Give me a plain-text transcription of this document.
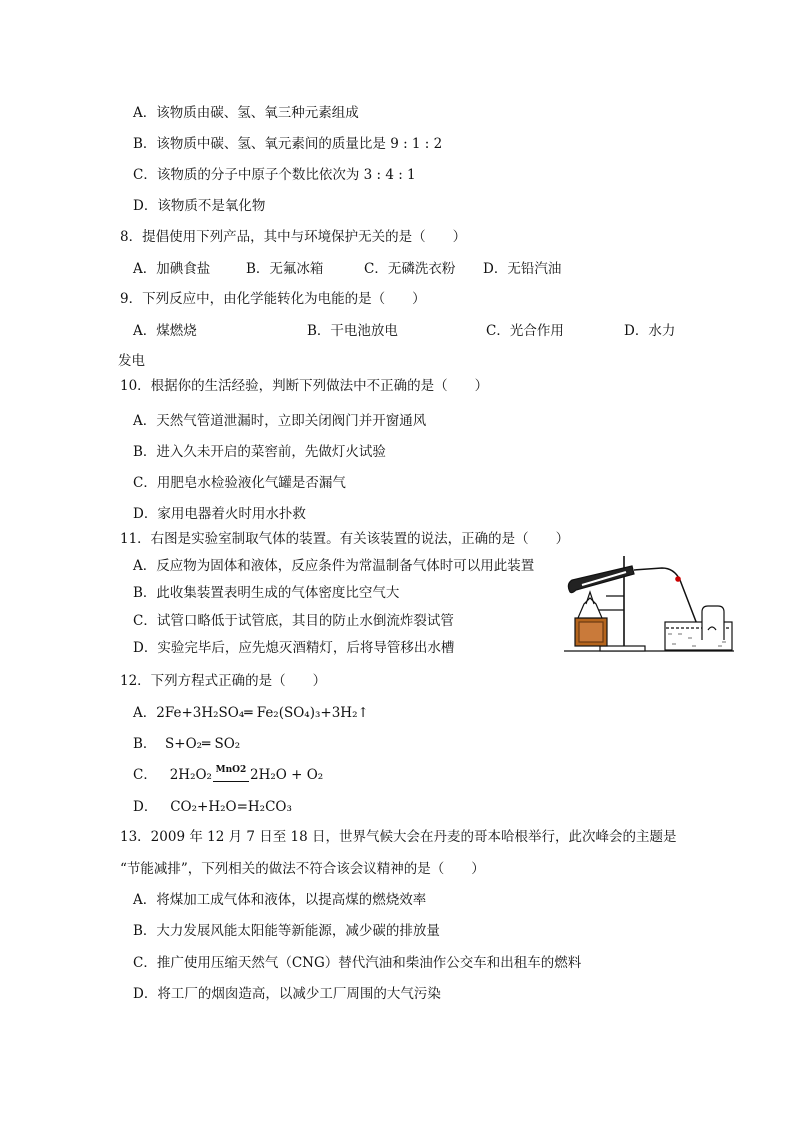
A．该物质由碳、氢、氧三种元素组成
B．该物质中碳、氢、氧元素间的质量比是 9 : 1 : 2
C．该物质的分子中原子个数比依次为 3 : 4 : 1
D．该物质不是氧化物
8．提倡使用下列产品，其中与环境保护无关的是（　　）
A．加碘食盐	B．无氟冰箱	C．无磷洗衣粉 D．无铅汽油
9．下列反应中，由化学能转化为电能的是（　　）
A．煤燃烧	B．干电池放电	C．光合作用	D．水力
发电
10．根据你的生活经验，判断下列做法中不正确的是（　　）
A．天然气管道泄漏时，立即关闭阀门并开窗通风
B．进入久未开启的菜窖前，先做灯火试验
C．用肥皂水检验液化气罐是否漏气
D．家用电器着火时用水扑救
11．右图是实验室制取气体的装置。有关该装置的说法，正确的是（　　）
A．反应物为固体和液体，反应条件为常温制备气体时可以用此装置
B．此收集装置表明生成的气体密度比空气大
C．试管口略低于试管底，其目的防止水倒流炸裂试管
D．实验完毕后，应先熄灭酒精灯，后将导管移出水槽
12．下列方程式正确的是（　　）
A．2Fe+3H₂SO₄═ Fe₂(SO₄)₃+3H₂↑
B． S+O₂═ SO₂
C． 2H₂O₂ MnO2 2H₂O + O₂
D． CO₂+H₂O=H₂CO₃
13．2009 年 12 月 7 日至 18 日，世界气候大会在丹麦的哥本哈根举行，此次峰会的主题是
“节能减排”，下列相关的做法不符合该会议精神的是（　　）
A．将煤加工成气体和液体，以提高煤的燃烧效率
B．大力发展风能太阳能等新能源，减少碳的排放量
C．推广使用压缩天然气（CNG）替代汽油和柴油作公交车和出租车的燃料
D．将工厂的烟囱造高，以减少工厂周围的大气污染
